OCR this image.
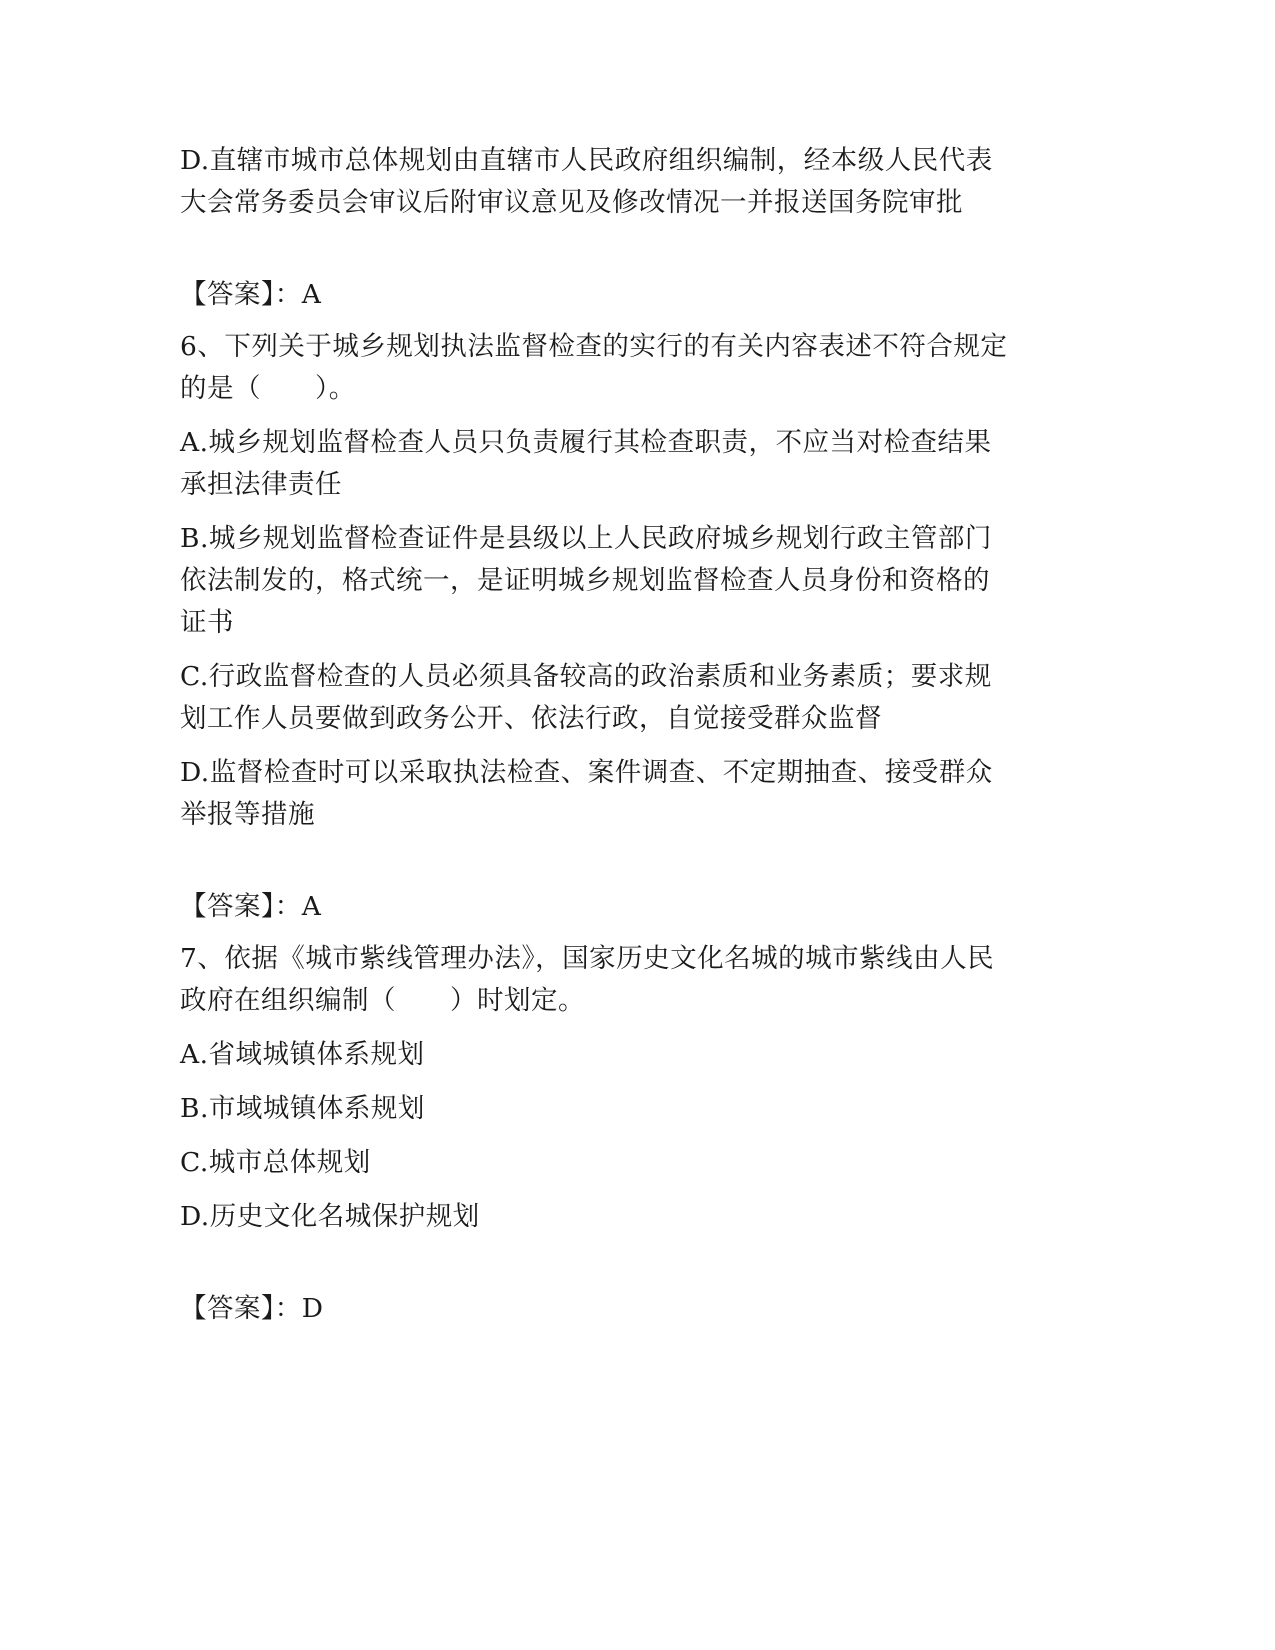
D.直辖市城市总体规划由直辖市人民政府组织编制，经本级人民代表
大会常务委员会审议后附审议意见及修改情况一并报送国务院审批
【答案】：A
6、下列关于城乡规划执法监督检查的实行的有关内容表述不符合规定
的是（　　）。
A.城乡规划监督检查人员只负责履行其检查职责，不应当对检查结果
承担法律责任
B.城乡规划监督检查证件是县级以上人民政府城乡规划行政主管部门
依法制发的，格式统一，是证明城乡规划监督检查人员身份和资格的
证书
C.行政监督检查的人员必须具备较高的政治素质和业务素质；要求规
划工作人员要做到政务公开、依法行政，自觉接受群众监督
D.监督检查时可以采取执法检查、案件调查、不定期抽查、接受群众
举报等措施
【答案】：A
7、依据《城市紫线管理办法》，国家历史文化名城的城市紫线由人民
政府在组织编制（　　）时划定。
A.省域城镇体系规划
B.市域城镇体系规划
C.城市总体规划
D.历史文化名城保护规划
【答案】：D
